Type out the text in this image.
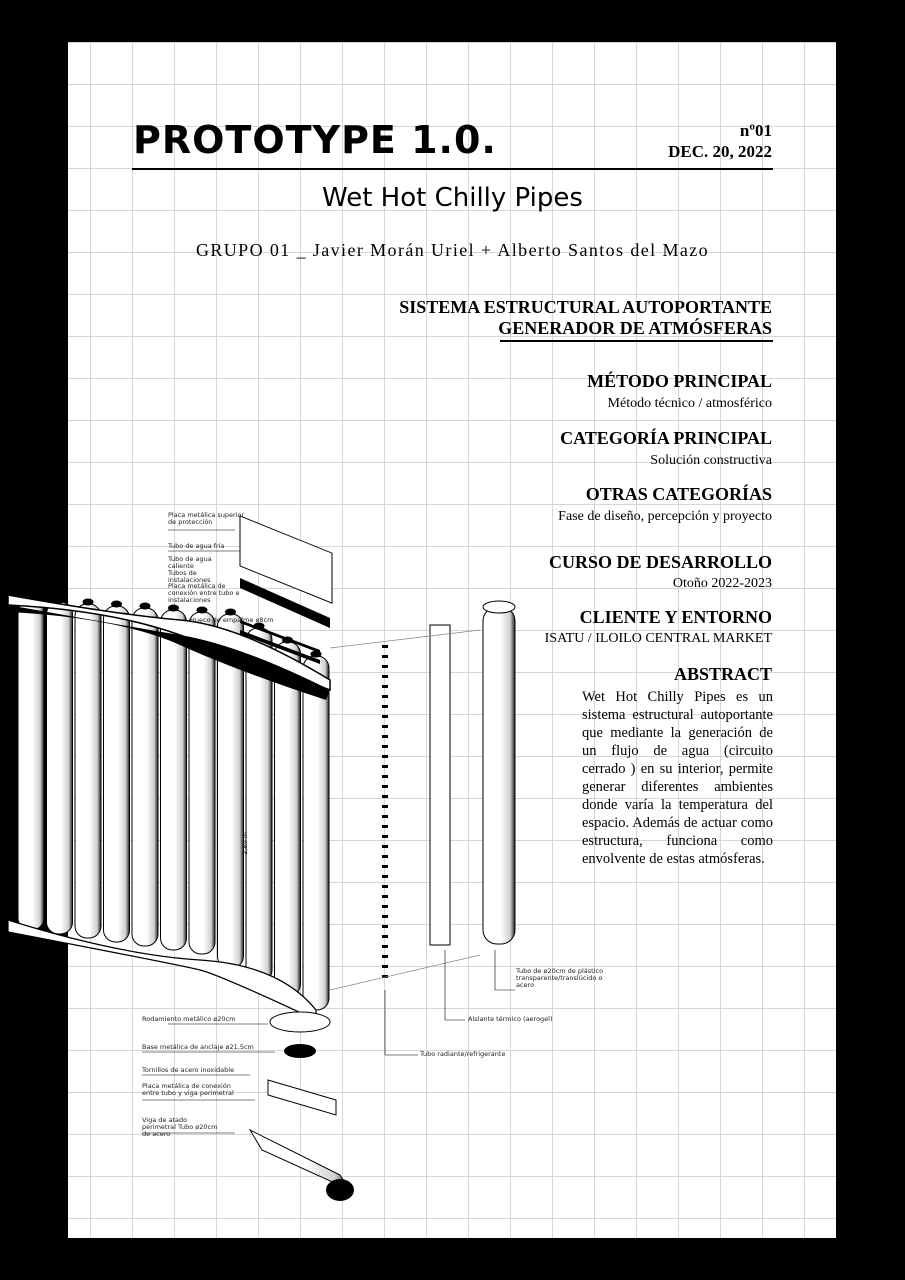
Placa metálica superior de protección
Tubo de agua fría
Tubo de agua caliente
Tubos de instalaciones
Placa metálica de conexión entre tubo e instalaciones
Hueco de empalme ø8cm
2,80 m
Rodamiento metálico ø20cm
Base metálica de anclaje ø21,5cm
Tornillos de acero inoxidable
Placa metálica de conexión entre tubo y viga perimetral
Viga de atado perimetral Tubo ø20cm de acero
Tubo de ø20cm de plástico transparente/translúcido o acero
Aislante térmico (aerogel)
Tubo radiante/refrigerante
PROTOTYPE 1.0.	nº01
DEC. 20, 2022
Wet Hot Chilly Pipes
GRUPO 01 _ Javier Morán Uriel + Alberto Santos del Mazo
SISTEMA ESTRUCTURAL AUTOPORTANTE
GENERADOR DE ATMÓSFERAS
MÉTODO PRINCIPAL
Método técnico / atmosférico
CATEGORÍA PRINCIPAL
Solución constructiva
OTRAS CATEGORÍAS
Fase de diseño, percepción y proyecto
CURSO DE DESARROLLO
Otoño 2022-2023
CLIENTE Y ENTORNO
ISATU / ILOILO CENTRAL MARKET
ABSTRACT
Wet Hot Chilly Pipes es un sistema estructural autoportante que mediante la generación de un flujo de agua (circuito cerrado ) en su interior, permite generar diferentes ambientes donde varía la temperatura del espacio. Además de actuar como estructura, funciona como envolvente de estas atmósferas.
